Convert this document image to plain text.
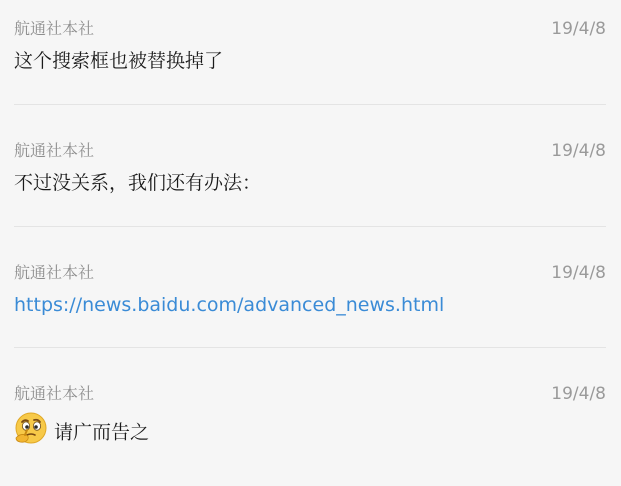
航通社本社	19/4/8
这个搜索框也被替换掉了
航通社本社	19/4/8
不过没关系，我们还有办法：
航通社本社	19/4/8
https://news.baidu.com/advanced_news.html
航通社本社	19/4/8
请广而告之
